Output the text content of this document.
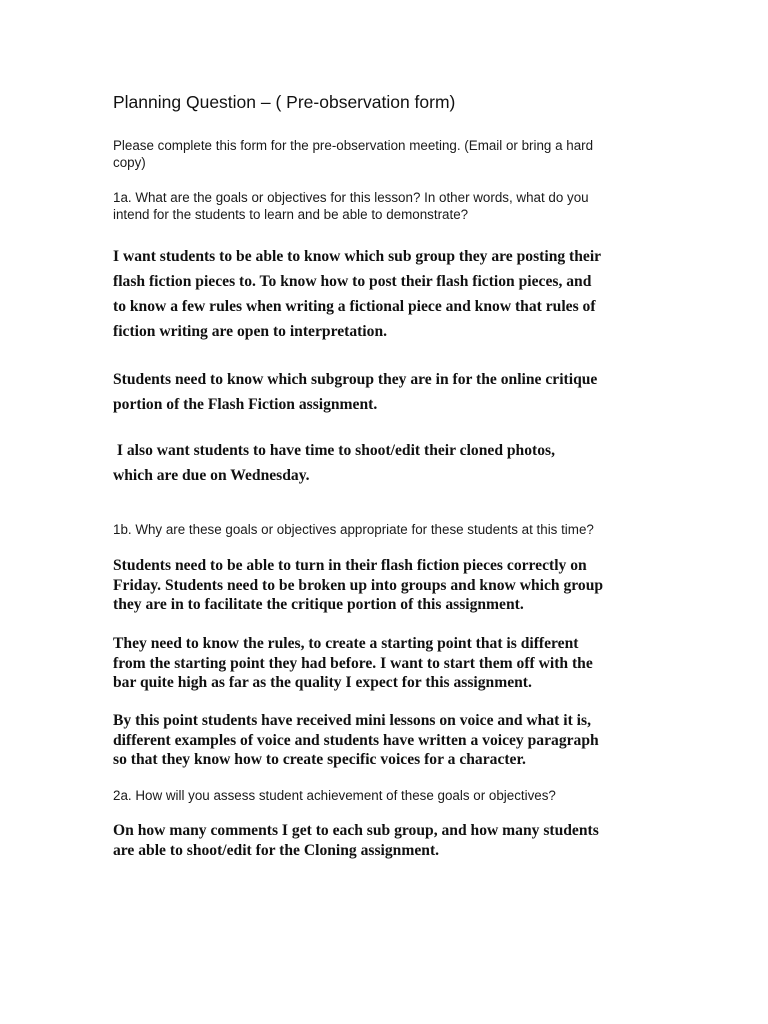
Planning Question – ( Pre-observation form)

Please complete this form for the pre-observation meeting. (Email or bring a hard
copy)

1a. What are the goals or objectives for this lesson? In other words, what do you
intend for the students to learn and be able to demonstrate?

I want students to be able to know which sub group they are posting their
flash fiction pieces to. To know how to post their flash fiction pieces, and
to know a few rules when writing a fictional piece and know that rules of
fiction writing are open to interpretation.

Students need to know which subgroup they are in for the online critique
portion of the Flash Fiction assignment.

I also want students to have time to shoot/edit their cloned photos,
which are due on Wednesday.

1b. Why are these goals or objectives appropriate for these students at this time?

Students need to be able to turn in their flash fiction pieces correctly on
Friday. Students need to be broken up into groups and know which group
they are in to facilitate the critique portion of this assignment.

They need to know the rules, to create a starting point that is different
from the starting point they had before. I want to start them off with the
bar quite high as far as the quality I expect for this assignment.

By this point students have received mini lessons on voice and what it is,
different examples of voice and students have written a voicey paragraph
so that they know how to create specific voices for a character.

2a. How will you assess student achievement of these goals or objectives?

On how many comments I get to each sub group, and how many students
are able to shoot/edit for the Cloning assignment.
